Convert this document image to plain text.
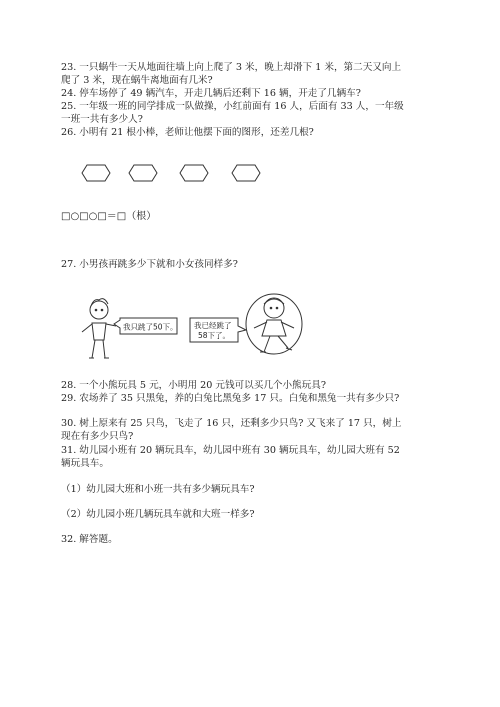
23. 一只蜗牛一天从地面往墙上向上爬了 3 米，晚上却滑下 1 米，第二天又向上
爬了 3 米，现在蜗牛离地面有几米?
24. 停车场停了 49 辆汽车，开走几辆后还剩下 16 辆，开走了几辆车?
25. 一年级一班的同学排成一队做操，小红前面有 16 人，后面有 33 人，一年级
一班一共有多少人?
26. 小明有 21 根小棒，老师让他摆下面的图形，还差几根?
□○□○□＝□（根）
27. 小男孩再跳多少下就和小女孩同样多?
我只跳了50下。 我已经跳了
58下了。
28. 一个小熊玩具 5 元，小明用 20 元钱可以买几个小熊玩具?
29. 农场养了 35 只黑兔，养的白兔比黑兔多 17 只。白兔和黑兔一共有多少只?
30. 树上原来有 25 只鸟，飞走了 16 只，还剩多少只鸟? 又飞来了 17 只，树上
现在有多少只鸟?
31. 幼儿园小班有 20 辆玩具车，幼儿园中班有 30 辆玩具车，幼儿园大班有 52
辆玩具车。
（1）幼儿园大班和小班一共有多少辆玩具车?
（2）幼儿园小班几辆玩具车就和大班一样多?
32. 解答题。
